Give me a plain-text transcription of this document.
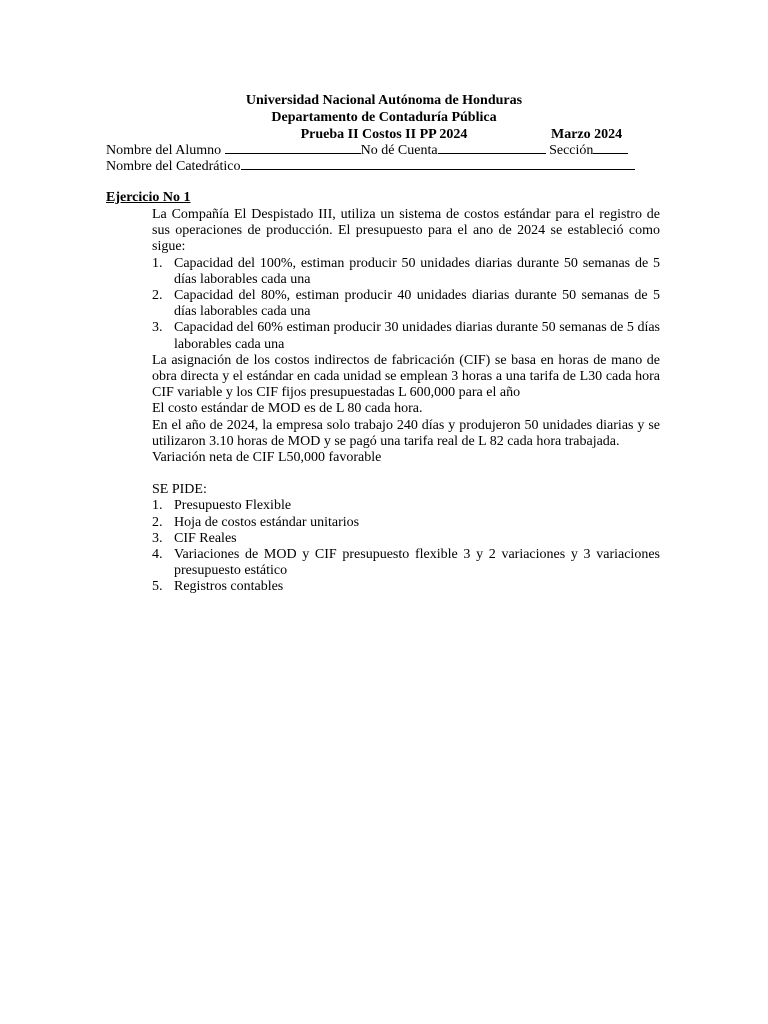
Universidad Nacional Autónoma de Honduras
Departamento de Contaduría Pública
Prueba II Costos II PP 2024	Marzo 2024
Nombre del Alumno	No dé Cuenta	Sección
Nombre del Catedrático
Ejercicio No 1

La Compañía El Despistado III, utiliza un sistema de costos estándar para el registro de sus operaciones de producción. El presupuesto para el ano de 2024 se estableció como sigue:

1. Capacidad del 100%, estiman producir 50 unidades diarias durante 50 semanas de 5 días laborables cada una
2. Capacidad del 80%, estiman producir 40 unidades diarias durante 50 semanas de 5 días laborables cada una
3. Capacidad del 60% estiman producir 30 unidades diarias durante 50 semanas de 5 días laborables cada una

La asignación de los costos indirectos de fabricación (CIF) se basa en horas de mano de obra directa y el estándar en cada unidad se emplean 3 horas a una tarifa de L30 cada hora CIF variable y los CIF fijos presupuestadas L 600,000 para el año

El costo estándar de MOD es de L 80 cada hora.

En el año de 2024, la empresa solo trabajo 240 días y produjeron 50 unidades diarias y se utilizaron 3.10 horas de MOD y se pagó una tarifa real de L 82 cada hora trabajada.

Variación neta de CIF L50,000 favorable

SE PIDE:

1. Presupuesto Flexible
2. Hoja de costos estándar unitarios
3. CIF Reales
4. Variaciones de MOD y CIF presupuesto flexible 3 y 2 variaciones y 3 variaciones presupuesto estático
5. Registros contables
